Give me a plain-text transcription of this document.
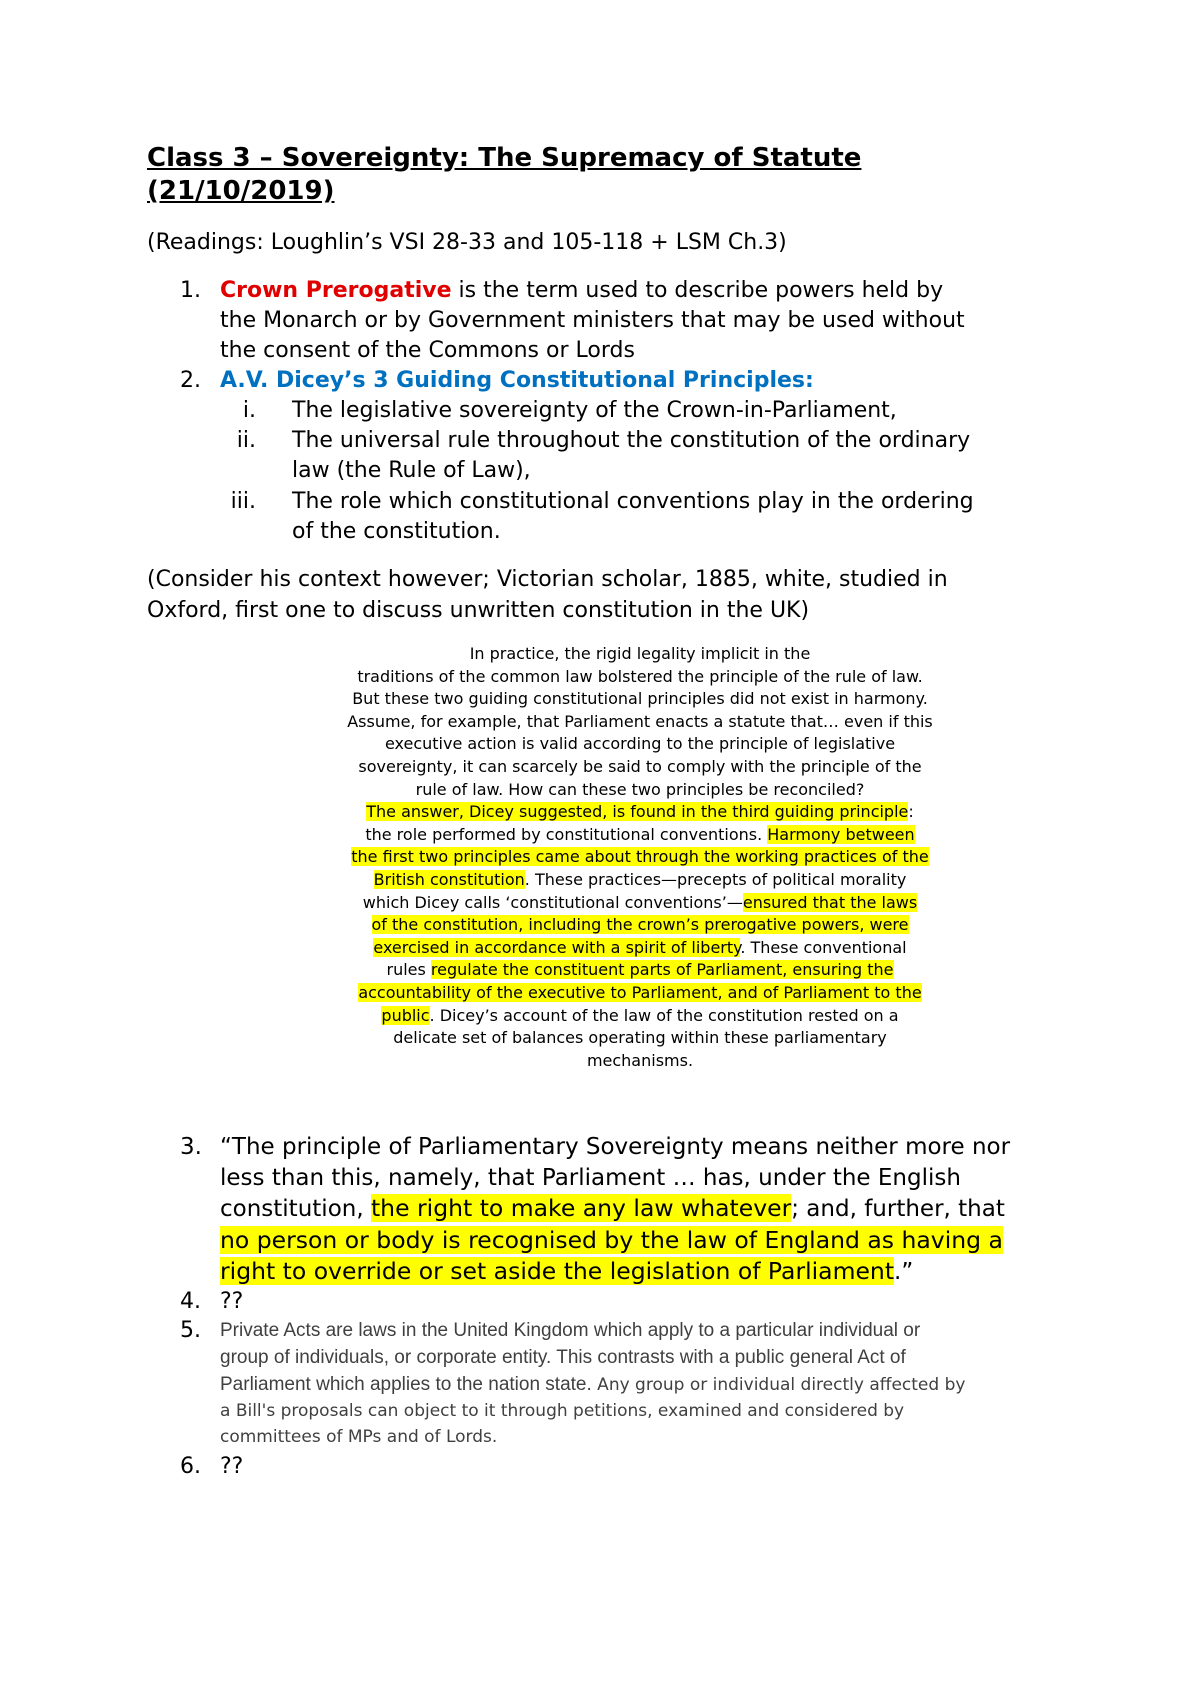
Class 3 – Sovereignty: The Supremacy of Statute
(21/10/2019)
(Readings: Loughlin’s VSI 28-33 and 105-118 + LSM Ch.3)
1. Crown Prerogative is the term used to describe powers held by
the Monarch or by Government ministers that may be used without
the consent of the Commons or Lords
2. A.V. Dicey’s 3 Guiding Constitutional Principles:
i. The legislative sovereignty of the Crown-in-Parliament,
ii. The universal rule throughout the constitution of the ordinary
law (the Rule of Law),
iii. The role which constitutional conventions play in the ordering
of the constitution.
(Consider his context however; Victorian scholar, 1885, white, studied in
Oxford, first one to discuss unwritten constitution in the UK)
In practice, the rigid legality implicit in the
traditions of the common law bolstered the principle of the rule of law.
But these two guiding constitutional principles did not exist in harmony.
Assume, for example, that Parliament enacts a statute that… even if this
executive action is valid according to the principle of legislative
sovereignty, it can scarcely be said to comply with the principle of the
rule of law. How can these two principles be reconciled?
The answer, Dicey suggested, is found in the third guiding principle:
the role performed by constitutional conventions. Harmony between
the first two principles came about through the working practices of the
British constitution. These practices—precepts of political morality
which Dicey calls ‘constitutional conventions’—ensured that the laws
of the constitution, including the crown’s prerogative powers, were
exercised in accordance with a spirit of liberty. These conventional
rules regulate the constituent parts of Parliament, ensuring the
accountability of the executive to Parliament, and of Parliament to the
public. Dicey’s account of the law of the constitution rested on a
delicate set of balances operating within these parliamentary
mechanisms.
3. “The principle of Parliamentary Sovereignty means neither more nor
less than this, namely, that Parliament … has, under the English
constitution, the right to make any law whatever; and, further, that
no person or body is recognised by the law of England as having a
right to override or set aside the legislation of Parliament.”
4. ??
5. Private Acts are laws in the United Kingdom which apply to a particular individual or
group of individuals, or corporate entity. This contrasts with a public general Act of
Parliament which applies to the nation state. Any group or individual directly affected by
a Bill's proposals can object to it through petitions, examined and considered by
committees of MPs and of Lords.
6. ??
